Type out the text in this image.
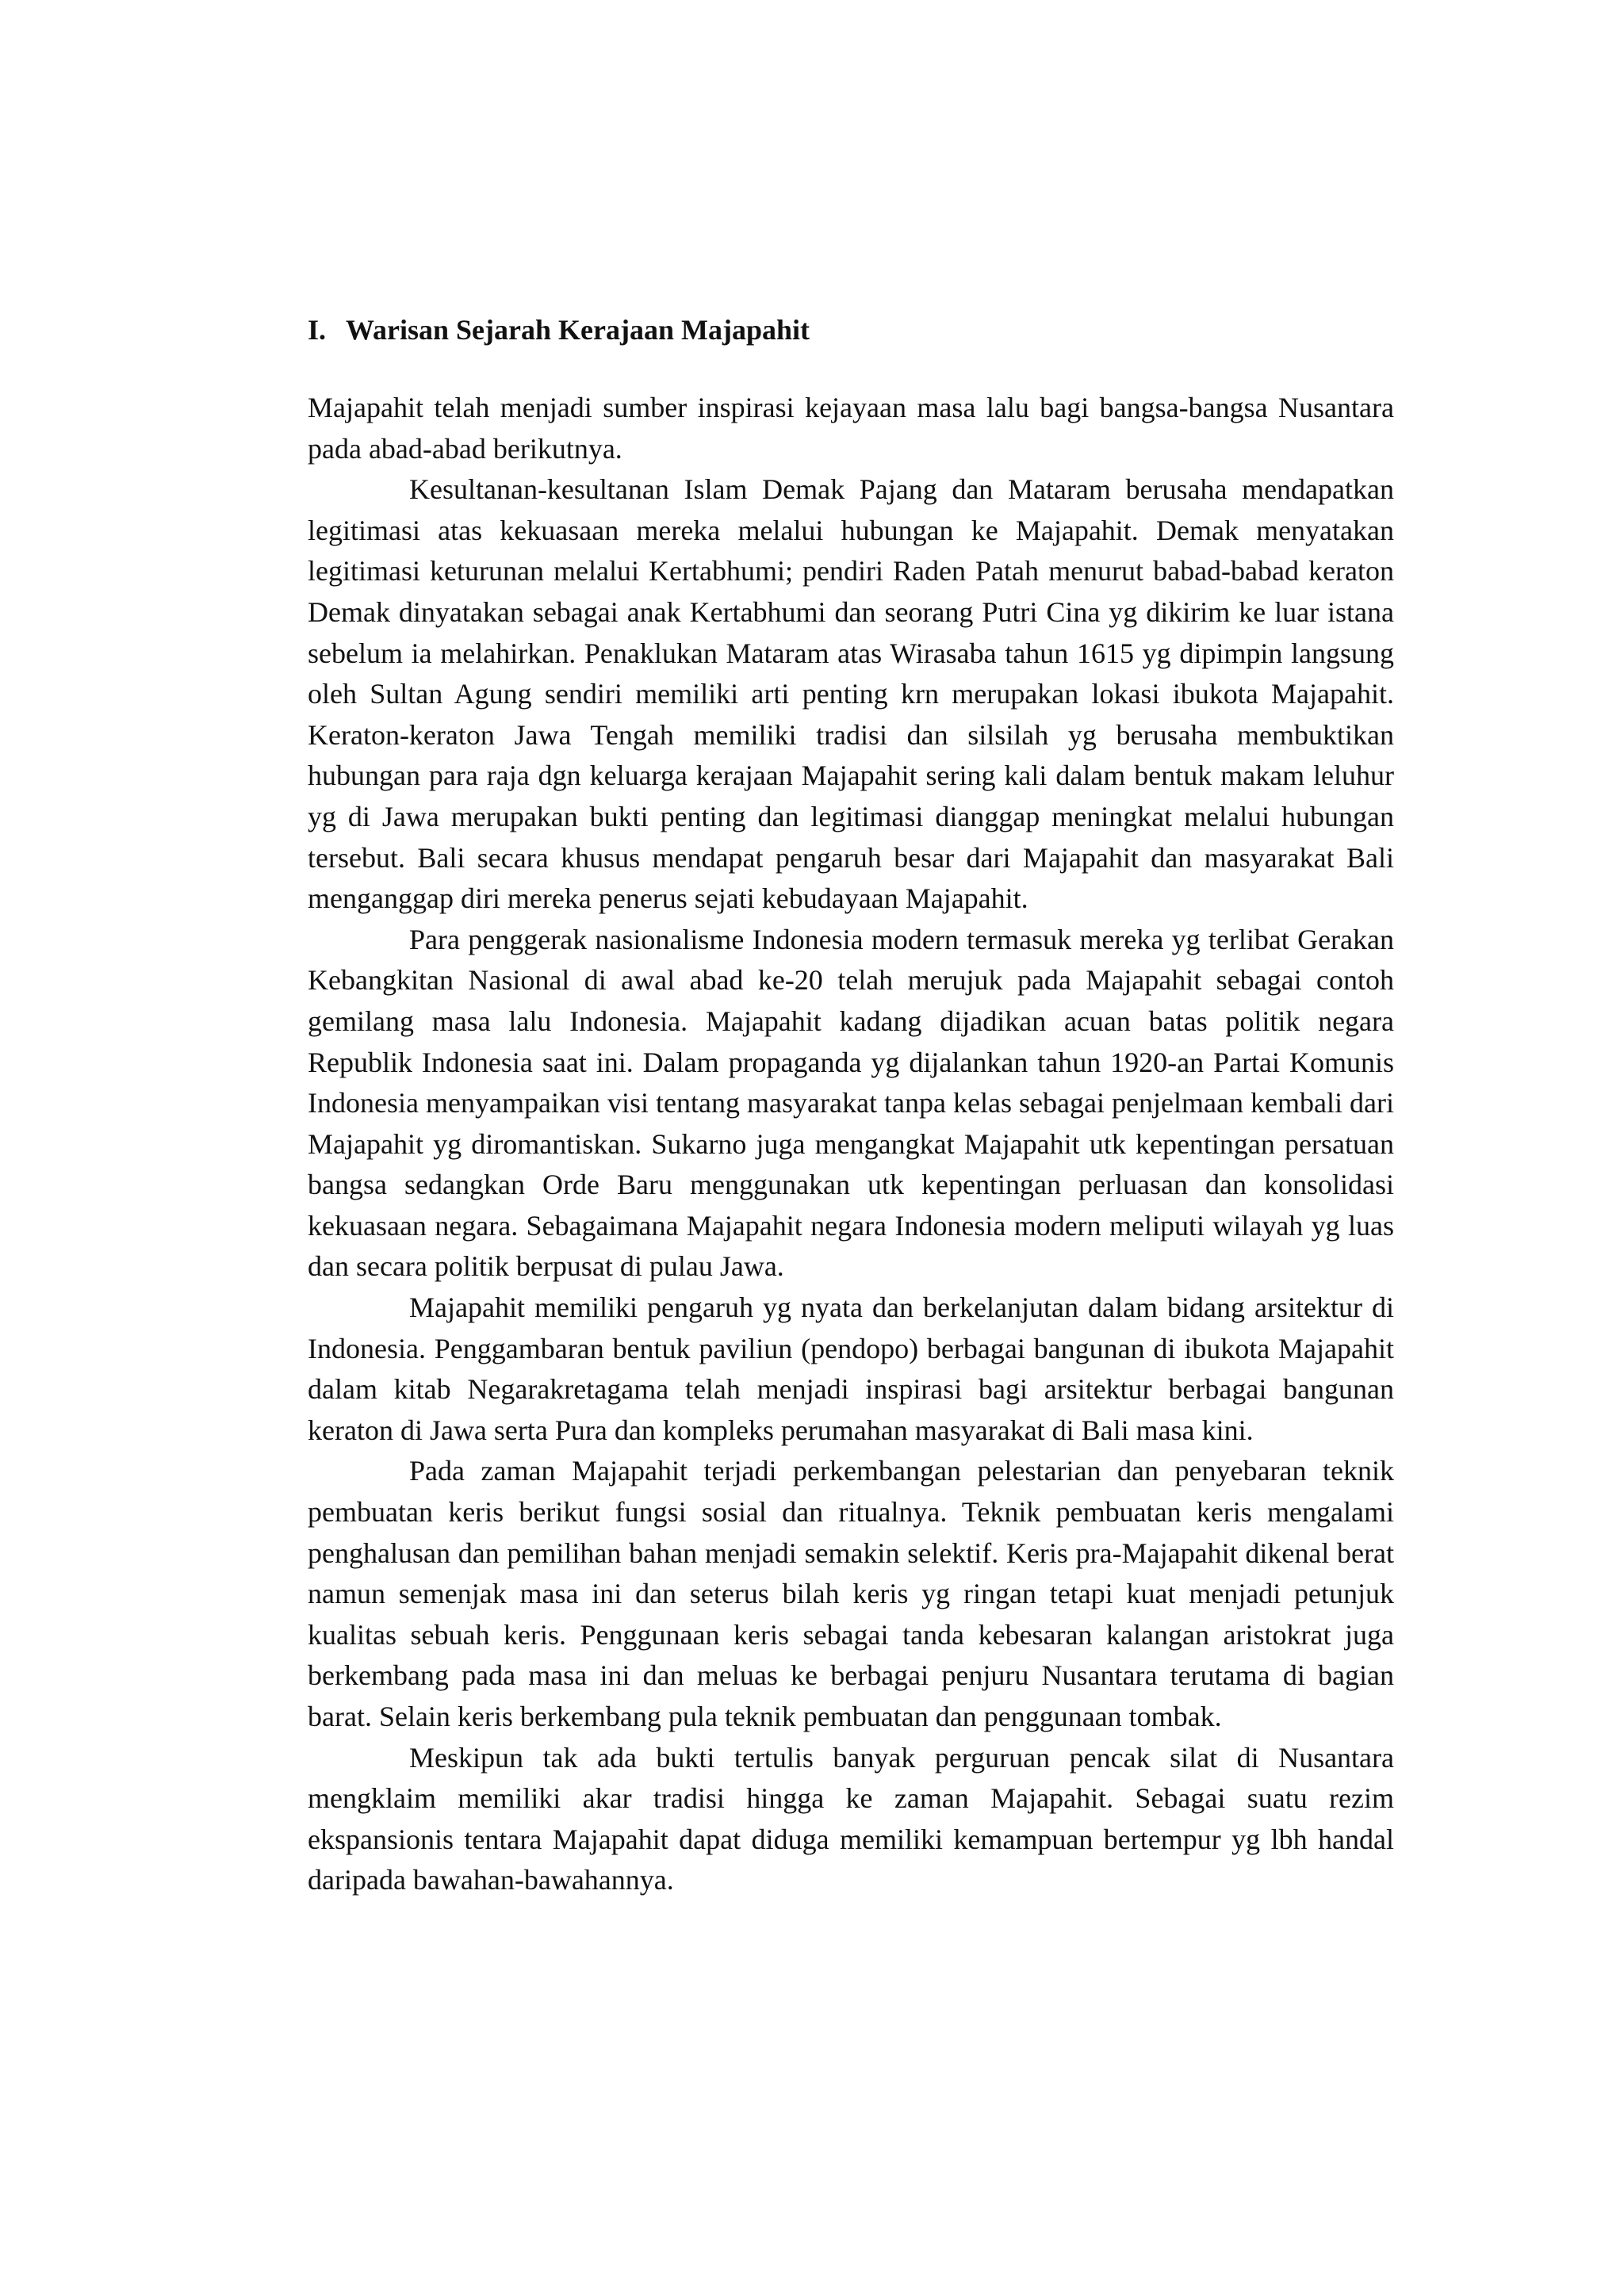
I. Warisan Sejarah Kerajaan Majapahit

Majapahit telah menjadi sumber inspirasi kejayaan masa lalu bagi bangsa-bangsa Nusantara pada abad-abad berikutnya.

Kesultanan-kesultanan Islam Demak Pajang dan Mataram berusaha mendapatkan legitimasi atas kekuasaan mereka melalui hubungan ke Majapahit. Demak menyatakan legitimasi keturunan melalui Kertabhumi; pendiri Raden Patah menurut babad-babad keraton Demak dinyatakan sebagai anak Kertabhumi dan seorang Putri Cina yg dikirim ke luar istana sebelum ia melahirkan. Penaklukan Mataram atas Wirasaba tahun 1615 yg dipimpin langsung oleh Sultan Agung sendiri memiliki arti penting krn merupakan lokasi ibukota Majapahit. Keraton-keraton Jawa Tengah memiliki tradisi dan silsilah yg berusaha membuktikan hubungan para raja dgn keluarga kerajaan Majapahit sering kali dalam bentuk makam leluhur yg di Jawa merupakan bukti penting dan legitimasi dianggap meningkat melalui hubungan tersebut. Bali secara khusus mendapat pengaruh besar dari Majapahit dan masyarakat Bali menganggap diri mereka penerus sejati kebudayaan Majapahit.

Para penggerak nasionalisme Indonesia modern termasuk mereka yg terlibat Gerakan Kebangkitan Nasional di awal abad ke-20 telah merujuk pada Majapahit sebagai contoh gemilang masa lalu Indonesia. Majapahit kadang dijadikan acuan batas politik negara Republik Indonesia saat ini. Dalam propaganda yg dijalankan tahun 1920-an Partai Komunis Indonesia menyampaikan visi tentang masyarakat tanpa kelas sebagai penjelmaan kembali dari Majapahit yg diromantiskan. Sukarno juga mengangkat Majapahit utk kepentingan persatuan bangsa sedangkan Orde Baru menggunakan utk kepentingan perluasan dan konsolidasi kekuasaan negara. Sebagaimana Majapahit negara Indonesia modern meliputi wilayah yg luas dan secara politik berpusat di pulau Jawa.

Majapahit memiliki pengaruh yg nyata dan berkelanjutan dalam bidang arsitektur di Indonesia. Penggambaran bentuk paviliun (pendopo) berbagai bangunan di ibukota Majapahit dalam kitab Negarakretagama telah menjadi inspirasi bagi arsitektur berbagai bangunan keraton di Jawa serta Pura dan kompleks perumahan masyarakat di Bali masa kini.

Pada zaman Majapahit terjadi perkembangan pelestarian dan penyebaran teknik pembuatan keris berikut fungsi sosial dan ritualnya. Teknik pembuatan keris mengalami penghalusan dan pemilihan bahan menjadi semakin selektif. Keris pra-Majapahit dikenal berat namun semenjak masa ini dan seterus bilah keris yg ringan tetapi kuat menjadi petunjuk kualitas sebuah keris. Penggunaan keris sebagai tanda kebesaran kalangan aristokrat juga berkembang pada masa ini dan meluas ke berbagai penjuru Nusantara terutama di bagian barat. Selain keris berkembang pula teknik pembuatan dan penggunaan tombak.

Meskipun tak ada bukti tertulis banyak perguruan pencak silat di Nusantara mengklaim memiliki akar tradisi hingga ke zaman Majapahit. Sebagai suatu rezim ekspansionis tentara Majapahit dapat diduga memiliki kemampuan bertempur yg lbh handal daripada bawahan-bawahannya.
